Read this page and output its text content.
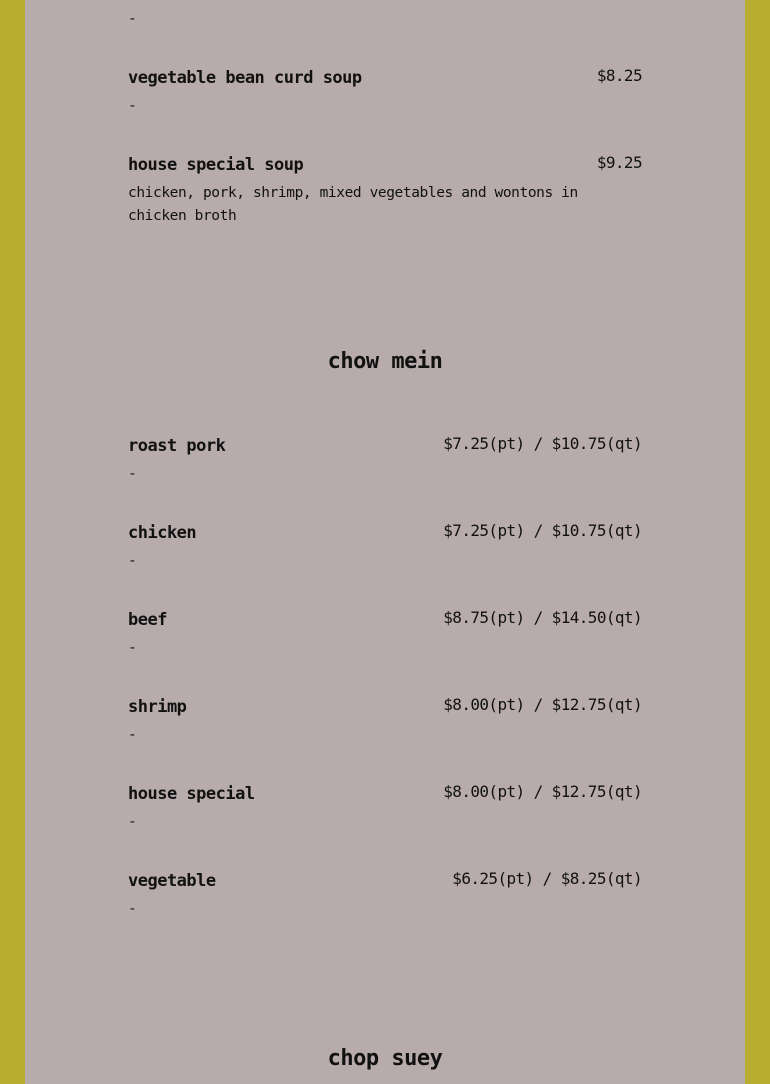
-
vegetable bean curd soup	$8.25
-
house special soup	$9.25
chicken, pork, shrimp, mixed vegetables and wontons in chicken broth
chow mein
roast pork	$7.25(pt) / $10.75(qt)
-
chicken	$7.25(pt) / $10.75(qt)
-
beef	$8.75(pt) / $14.50(qt)
-
shrimp	$8.00(pt) / $12.75(qt)
-
house special	$8.00(pt) / $12.75(qt)
-
vegetable	$6.25(pt) / $8.25(qt)
-
chop suey
